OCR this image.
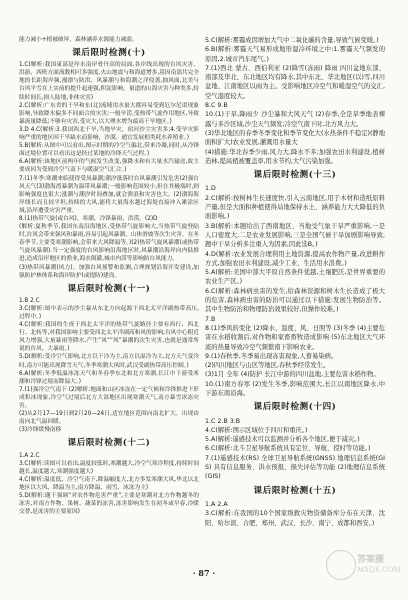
能力减小+植被破坏，森林涵养水源能力减弱。
课后限时检测(十)
1.C(解析:我国東部是岸水南岸骨丹高的局面,各岸线出现的台风灾害、洪游、西班方面流数相可多强度,火山地震与和海道增多,基因南部共完全地的长距海岸频,漫漂与防洪、风暴潮与和海潮之洋侵袭,抽风面,北美与台风平雪在上实前的提升起速强,积淀影响。量道的山海灾害与种类多,持续时间长,损人陆地,非体灾害)
2.C(解析:广东省的干旱和东(北)流域用水量大都容易受到厄尔尼诺现象影响,导致降水偏多不同面合的灾害;一般旱涝,受热带气旋作用地区,导致暴流量降低;不够有灾害,受灾大,以大理水增为最高干旱地区。)
3.D 4.C(解析:3.我国西北干旱,当地旱灾、宿河沙尘灾害多;4.受旱灾影响严重的地区因干旱缺水而影响、沙漠、通宜发展相类耗水养殖业。)
5.B(解析:从图中可以看出,图示时期的冷空气偏北,带来冷凝,同时,从冷锋面过境位置可以看出这是经过某地的冷锋天气过程。)
6.A(解析:该地区前两年的气候发生改变,强降水和有大量水汽输送,故主要成因为受到冷空气南下与暖湿空气汇合。)
7.(1)冬季:寒潮来临使得受凤暴潮;潮汐涨落时台风暴潮引发危害(2)强台风天气(3)渤海湾暴潮为温带风暴潮;一般影响范围较小,但在其极端时,则影响强度也很大;涨潮与潮汐时间叠加,就会溃浪和灾害也大。(2)渤海海岸线长而且较平坦,持续的大风,能将大量海水越过海堤直接冲入滩涂区域,沿岸遭受灾害严重。
8.(1)热带气旋(或台风)、寒潮、冷锋暴雨、洪涝。(2)D
(解析:夏秋季节,我国东南沿海地区,受热带气旋影响大,当热带气旋登陆时,台风会带来强风和暴雨,容易引起风暴潮、山体滑坡等次生灾害。在冬春季节,主要受寒潮影响,会带来大风降温等。)(2)热带气旋风暴潮(或热带气旋风暴潮).当一定强度的台风影响沿海地区时,风暴潮沿海岸向内陆推进,造成沿岸地区的渔业,海水倒灌,城市内涝等影响防台风能力。
(3)热带风暴潮(风力)。加强台风预警和监测,合理规划沿海开发建设,加强防护林体系和海岸防护(或提防)建设。
课后限时检测(十一)
1.B 2.C
3.C(解析:图中表示的沙尘暴从东北方向起源于西北太平洋副热带高压,过程中。)
4.C(解析:我国的生成于西北太平洋的热带气旋路径主要有西行、西北行、北转等,对我国影响主要受西北太平洋副高和风的影响,台风中心附近风力增强,大量暴雨等降水,产生“风”“风”暴潮的次生灾害,也就是通常所说的台风、大暴雨。)
5.D(解析:受冷空气影响,北方以干冷为主,南方以湿冷为主,北方天气变冷时,南方可能出现降雪天气,冬季寒潮大风时,武汉受副热带高压控制。)
6.A(解析:冬季低温冰冻天气和冬春季东北和北方寒潮,长江中下游受寒潮和冷锋过境而降温大。)
7.(1)强冷空气南下 (2)解析:地面和山区冰冻在一定气候和冷锋推进下形成积冰现象,冷空气过境后北方大部地区出现寒潮天气,南方暴雪冰冻灾害。
(2)从2月17—19日到2月20—24日,适宜地区范围向南北扩大。出现由南向北气温回暖。
(3)冷锋缓慢南移
课后限时检测(十二)
1.A 2.C
3.C(解析:读图可以看出,温度较低时,寒潮越大,冷空气寒冷程度,持续时间越长,温度越大,寒潮强度越大)
4.C(解析:温度低、冷空气南下,降温幅度大,北方多发寒潮大风,华北以北地区以大风、降温为主,南方降温、雨雪、冰冻为主)
5.D(解析:题干强调“对农作物危害严重”,主要是寒潮对北方作物越冬的冻害,对南方作物、果树、蔬菜的冻害,冻害影响发生在初冬或早春,冷暖交替,是冻害的主要原因)
5.C(解析:雾霾成因增加大气中二氧化碳的含量,导致气候变暖。)
6.B(解析:雾霾天气易形成地形湿冷环境之中:1.雾霾天气频发的原因,2.城市汽车尾气。)
7.(1)西北 蒙古、西伯利亚 (2)降雪(冻雨) 降雨 四川盆地东部、南部及华北、东北地区均有降水,其中东北、华北地区(以)雪,四川盆地、江南地区以雨为主。受影响地区冷空气和暖湿空气的交汇,空气湿度较大。
8.C 9.B
10.(1)干旱,降雨少 沙尘暴和大风天气 (2)春季,全是旱季地表裸露与多沙区域,沙尘天气频发;冷空气南下时,北方风力大。
(3)华北地区的春季冬季变化和季节变化大(水热条件不稳定)(静地面积扩大)农业发展,灌溉用水量大
(4)措施:华北春季少雨,风力大,降水不多;加强农田水利建设,植树造林,提高植被覆盖率,用水节约,大气污染加强。
课后限时检测(十三)
1.D
2.C(解析:按树林生长速度快,引入云南地区,用于木材和造纸原料产量,但是大面积种植使得局地保持水土、涵养能力大大降低的负面影响。)
3.B(解析:本题给出了西南地区、当地受气象干旱严重影响,一是人口密度大,二是农业发展影响,三是全国气候干旱加剧影响导致,题中干旱分析多注重人为因素,因此选B。)
4.D(解析:农业发展合理利用土地资源,提高农作物产量,改进耕作方式,加强农田水利建设,减少工业、生活用水浪费。)
5.A(解析:美国中部大平原自然条件优越,土壤肥沃,是世界重要的农业生产区。)
6.C(解析:森林病虫害的发生,给森林资源和树木生长造成了极大的危害,森林病虫害的防治可以通过以下措施:发展生物防治等。其中生物防治和物理防治效果较好,但操作较难。)
7.B
8.(1)季风的变化 (2)降水、温度、风、日照等 (3)冬季 (4)主要危害在水稻收割后,对作物和家畜畜牧造成影响 (5)东北地区大气环流的热量导致冷空气频繁南下影响农业。
9.(1)春秋季,冬季易出现冻害现象,人畜易染病。
(2)四川地区与山区等地区,春秋季经常发生。
(3)1月 全年 (4)防护 长江中游的四川盆地,主要危害水稻作物。
10.(1)南方春寒 (2)发生冬季,影响范围大,长江以南地区降水,中下游东南沿海。
课后限时检测(十四)
1.C 2.B 3.B
4.C(解析:图示区域位于四川和重庆。)
5.A(解析:遥感技术可以监测并分析各个地区,便于减灾。)
6.C(解析:北斗卫星导航系统具有定位、导航、授时等功能。)
7.(1)遥感技术(RS) 全球卫星导航系统(GNSS) 地理信息系统(GIS) 具有信息服务、洪水预报、损失评估等功能 (2)地理信息系统(GIS)
课后限时检测(十五)
1.A 2.A
3.C(解析:在我国的10个国家级救灾物资储备库分布在天津、沈阳、哈尔滨、合肥、郑州、武汉、长沙、南宁、成都和西安。)
· 87 ·
答案圈
MXQE.COM
